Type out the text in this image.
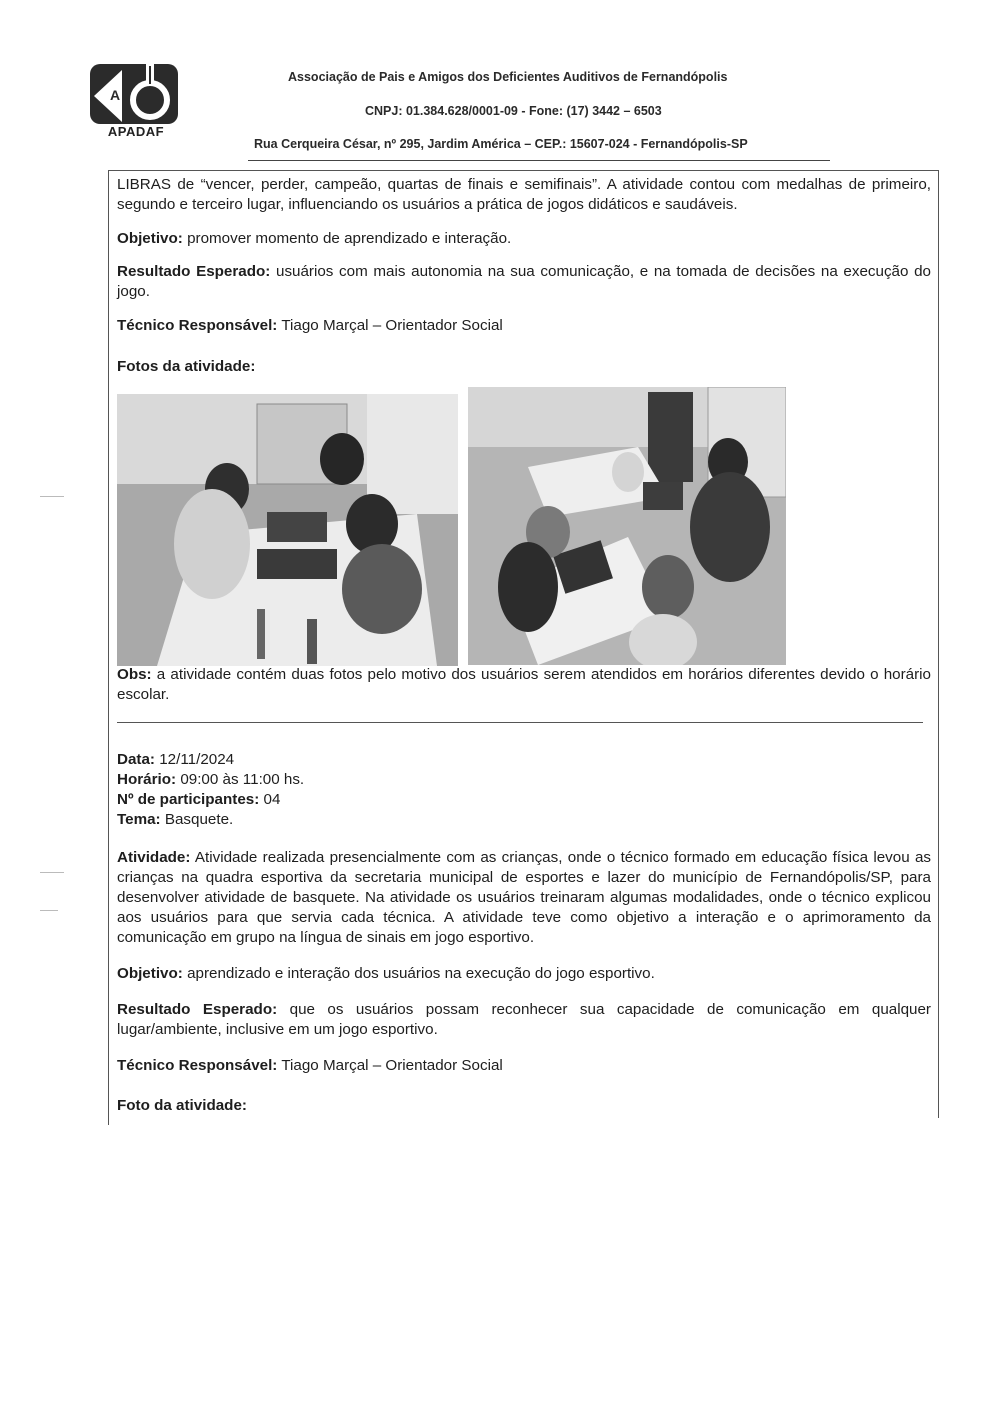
A
APADAF
Associação de Pais e Amigos dos Deficientes Auditivos de Fernandópolis
CNPJ: 01.384.628/0001-09 - Fone: (17) 3442 – 6503
Rua Cerqueira César, nº 295, Jardim América – CEP.: 15607-024 - Fernandópolis-SP

LIBRAS de “vencer, perder, campeão, quartas de finais e semifinais”. A atividade contou com medalhas de primeiro, segundo e terceiro lugar, influenciando os usuários a prática de jogos didáticos e saudáveis.

Objetivo: promover momento de aprendizado e interação.

Resultado Esperado: usuários com mais autonomia na sua comunicação, e na tomada de decisões na execução do jogo.

Técnico Responsável: Tiago Marçal – Orientador Social

Fotos da atividade:

Obs: a atividade contém duas fotos pelo motivo dos usuários serem atendidos em horários diferentes devido o horário escolar.

Data: 12/11/2024

Horário: 09:00 às 11:00 hs.

Nº de participantes: 04

Tema: Basquete.

Atividade: Atividade realizada presencialmente com as crianças, onde o técnico formado em educação física levou as crianças na quadra esportiva da secretaria municipal de esportes e lazer do município de Fernandópolis/SP, para desenvolver atividade de basquete. Na atividade os usuários treinaram algumas modalidades, onde o técnico explicou aos usuários para que servia cada técnica. A atividade teve como objetivo a interação e o aprimoramento da comunicação em grupo na língua de sinais em jogo esportivo.

Objetivo: aprendizado e interação dos usuários na execução do jogo esportivo.

Resultado Esperado: que os usuários possam reconhecer sua capacidade de comunicação em qualquer lugar/ambiente, inclusive em um jogo esportivo.

Técnico Responsável: Tiago Marçal – Orientador Social

Foto da atividade:
